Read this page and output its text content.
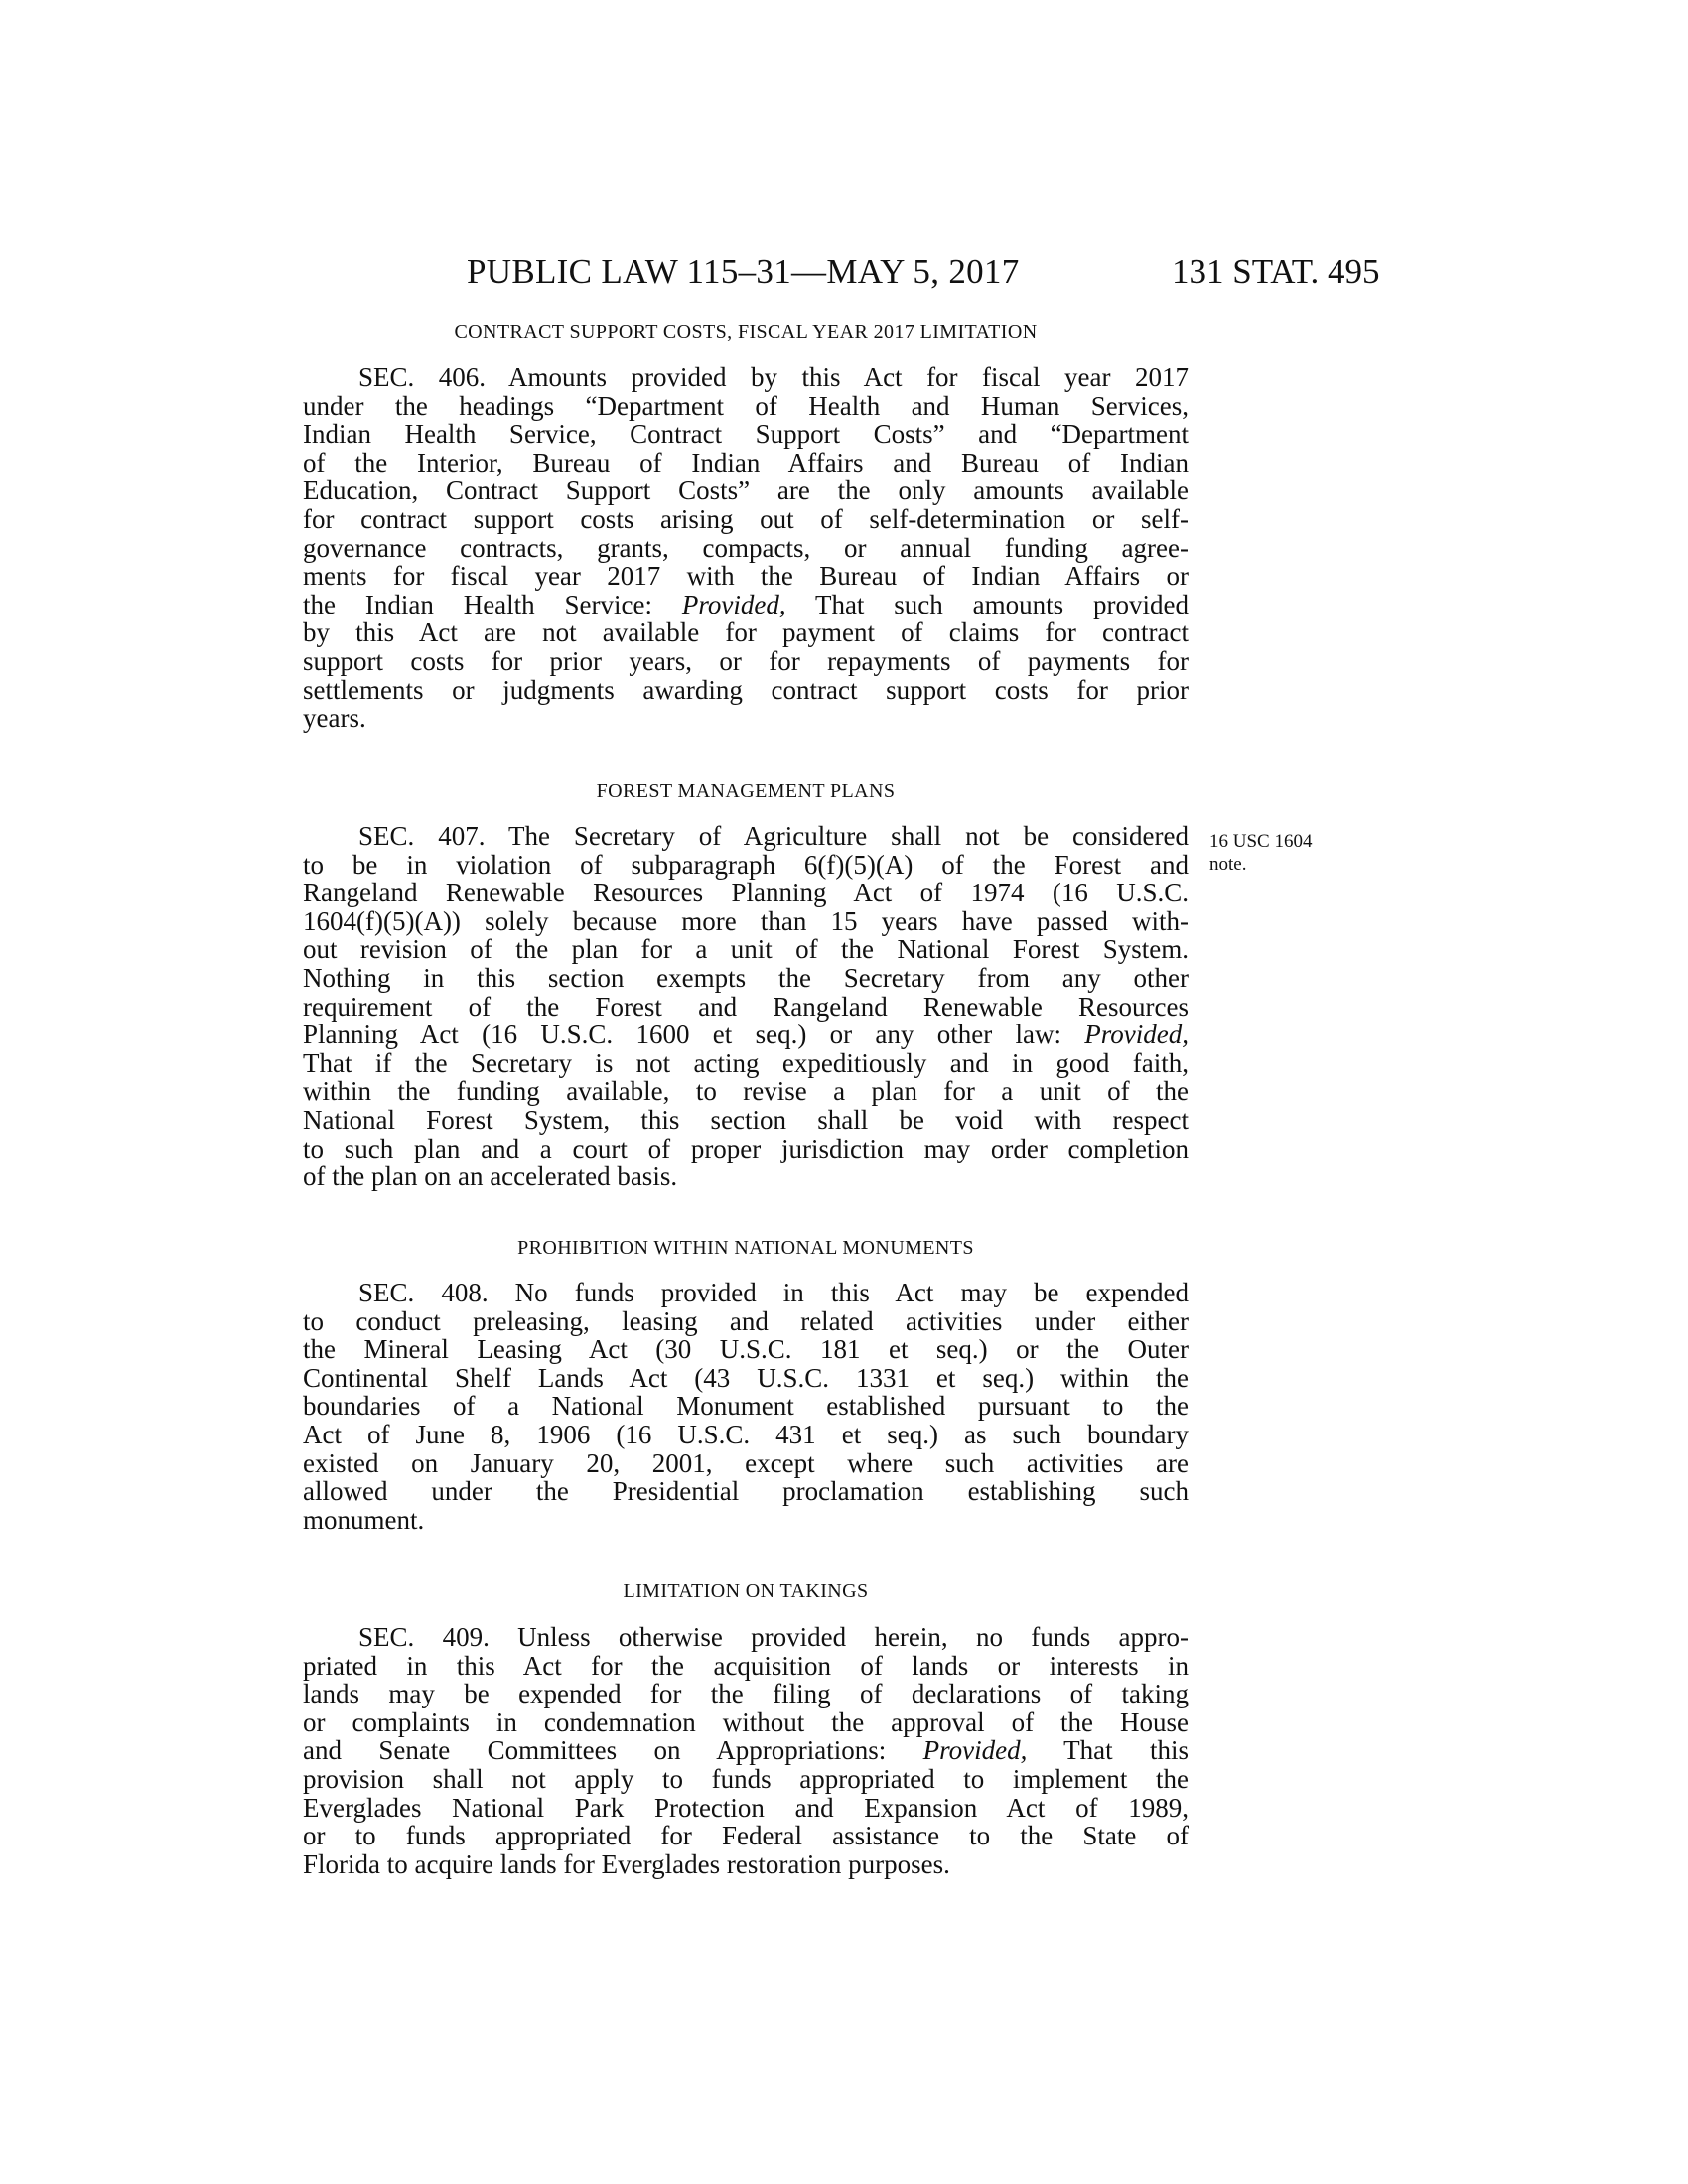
PUBLIC LAW 115–31—MAY 5, 2017	131 STAT. 495
CONTRACT SUPPORT COSTS, FISCAL YEAR 2017 LIMITATION
SEC. 406. Amounts provided by this Act for fiscal year 2017
under the headings “Department of Health and Human Services,
Indian Health Service, Contract Support Costs” and “Department
of the Interior, Bureau of Indian Affairs and Bureau of Indian
Education, Contract Support Costs” are the only amounts available
for contract support costs arising out of self-determination or self-
governance contracts, grants, compacts, or annual funding agree-
ments for fiscal year 2017 with the Bureau of Indian Affairs or
the Indian Health Service: Provided, That such amounts provided
by this Act are not available for payment of claims for contract
support costs for prior years, or for repayments of payments for
settlements or judgments awarding contract support costs for prior
years.
FOREST MANAGEMENT PLANS
SEC. 407. The Secretary of Agriculture shall not be considered
to be in violation of subparagraph 6(f)(5)(A) of the Forest and
Rangeland Renewable Resources Planning Act of 1974 (16 U.S.C.
1604(f)(5)(A)) solely because more than 15 years have passed with-
out revision of the plan for a unit of the National Forest System.
Nothing in this section exempts the Secretary from any other
requirement of the Forest and Rangeland Renewable Resources
Planning Act (16 U.S.C. 1600 et seq.) or any other law: Provided,
That if the Secretary is not acting expeditiously and in good faith,
within the funding available, to revise a plan for a unit of the
National Forest System, this section shall be void with respect
to such plan and a court of proper jurisdiction may order completion
of the plan on an accelerated basis.
16 USC 1604
note.
PROHIBITION WITHIN NATIONAL MONUMENTS
SEC. 408. No funds provided in this Act may be expended
to conduct preleasing, leasing and related activities under either
the Mineral Leasing Act (30 U.S.C. 181 et seq.) or the Outer
Continental Shelf Lands Act (43 U.S.C. 1331 et seq.) within the
boundaries of a National Monument established pursuant to the
Act of June 8, 1906 (16 U.S.C. 431 et seq.) as such boundary
existed on January 20, 2001, except where such activities are
allowed under the Presidential proclamation establishing such
monument.
LIMITATION ON TAKINGS
SEC. 409. Unless otherwise provided herein, no funds appro-
priated in this Act for the acquisition of lands or interests in
lands may be expended for the filing of declarations of taking
or complaints in condemnation without the approval of the House
and Senate Committees on Appropriations: Provided, That this
provision shall not apply to funds appropriated to implement the
Everglades National Park Protection and Expansion Act of 1989,
or to funds appropriated for Federal assistance to the State of
Florida to acquire lands for Everglades restoration purposes.
